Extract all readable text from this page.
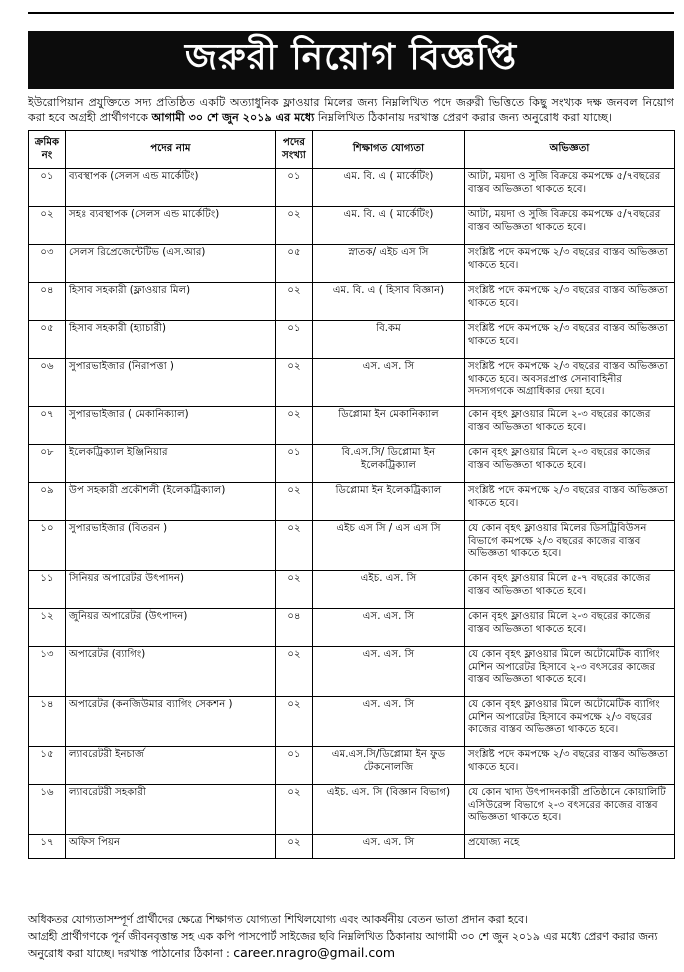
জরুরী নিয়োগ বিজ্ঞপ্তি
ইউরোপিয়ান প্রযুক্তিতে সদ্য প্রতিষ্ঠিত একটি অত্যাধুনিক ফ্লাওয়ার মিলের জন্য নিম্নলিখিত পদে জরুরী ভিত্তিতে কিছু সংখ্যক দক্ষ জনবল নিয়োগ করা হবে অগ্রহী প্রার্থীগণকে আগামী ৩০ শে জুন ২০১৯ এর মধ্যে নিম্নলিখিত ঠিকানায় দরখাস্ত প্রেরণ করার জন্য অনুরোধ করা যাচ্ছে।
ক্রমিক নং	পদের নাম	পদের সংখ্যা	শিক্ষাগত যোগ্যতা	অভিজ্ঞতা
০১	ব্যবস্থাপক (সেলস এন্ড মার্কেটিং)	০১	এম. বি. এ ( মার্কেটিং)	আটা, ময়দা ও সুজি বিক্রয়ে কমপক্ষে ৫/৭বছরের বাস্তব অভিজ্ঞতা থাকতে হবে।
০২	সহঃ ব্যবস্থাপক (সেলস এন্ড মার্কেটিং)	০২	এম. বি. এ ( মার্কেটিং)	আটা, ময়দা ও সুজি বিক্রয়ে কমপক্ষে ৫/৭বছরের বাস্তব অভিজ্ঞতা থাকতে হবে।
০৩	সেলস রিপ্রেজেন্টেটিভ (এস.আর)	০৫	স্নাতক/ এইচ এস সি	সংশ্লিষ্ট পদে কমপক্ষে ২/৩ বছরের বাস্তব অভিজ্ঞতা থাকতে হবে।
০৪	হিসাব সহকারী (ফ্লাওয়ার মিল)	০২	এম. বি. এ ( হিসাব বিজ্ঞান)	সংশ্লিষ্ট পদে কমপক্ষে ২/৩ বছরের বাস্তব অভিজ্ঞতা থাকতে হবে।
০৫	হিসাব সহকারী (হ্যাচারী)	০১	বি.কম	সংশ্লিষ্ট পদে কমপক্ষে ২/৩ বছরের বাস্তব অভিজ্ঞতা থাকতে হবে।
০৬	সুপারভাইজার (নিরাপত্তা )	০২	এস. এস. সি	সংশ্লিষ্ট পদে কমপক্ষে ২/৩ বছরের বাস্তব অভিজ্ঞতা থাকতে হবে। অবসরপ্রাপ্ত সেনাবাহিনীর সদস্যগণকে অগ্রাধিকার দেয়া হবে।
০৭	সুপারভাইজার ( মেকানিক্যাল)	০২	ডিপ্লোমা ইন মেকানিক্যাল	কোন বৃহৎ ফ্লাওয়ার মিলে ২-৩ বছরের কাজের বাস্তব অভিজ্ঞতা থাকতে হবে।
০৮	ইলেকট্রিক্যাল ইঞ্জিনিয়ার	০১	বি.এস.সি/ ডিপ্লোমা ইন ইলেকট্রিক্যাল	কোন বৃহৎ ফ্লাওয়ার মিলে ২-৩ বছরের কাজের বাস্তব অভিজ্ঞতা থাকতে হবে।
০৯	উপ সহকারী প্রকৌশলী (ইলেকট্রিক্যাল)	০২	ডিপ্লোমা ইন ইলেকট্রিক্যাল	সংশ্লিষ্ট পদে কমপক্ষে ২/৩ বছরের বাস্তব অভিজ্ঞতা থাকতে হবে।
১০	সুপারভাইজার (বিতরন )	০২	এইচ এস সি / এস এস সি	যে কোন বৃহৎ ফ্লাওয়ার মিলের ডিসট্রিবিউসন বিভাগে কমপক্ষে ২/৩ বছরের কাজের বাস্তব অভিজ্ঞতা থাকতে হবে।
১১	সিনিয়র অপারেটর উৎপাদন)	০২	এইচ. এস. সি	কোন বৃহৎ ফ্লাওয়ার মিলে ৫-৭ বছরের কাজের বাস্তব অভিজ্ঞতা থাকতে হবে।
১২	জুনিয়র অপারেটর (উৎপাদন)	০৪	এস. এস. সি	কোন বৃহৎ ফ্লাওয়ার মিলে ২-৩ বছরের কাজের বাস্তব অভিজ্ঞতা থাকতে হবে।
১৩	অপারেটর (ব্যাগিং)	০২	এস. এস. সি	যে কোন বৃহৎ ফ্লাওয়ার মিলে অটোমেটিক ব্যাগিং মেশিন অপারেটর হিসাবে ২-৩ বৎসরের কাজের বাস্তব অভিজ্ঞতা থাকতে হবে।
১৪	অপারেটর (কনজিউমার ব্যাগিং সেকশন )	০২	এস. এস. সি	যে কোন বৃহৎ ফ্লাওয়ার মিলে অটোমেটিক ব্যাগিং মেশিন অপারেটর হিসাবে কমপক্ষে ২/৩ বছরের কাজের বাস্তব অভিজ্ঞতা থাকতে হবে।
১৫	ল্যাবরেটরী ইনচার্জ	০১	এম.এস.সি/ডিপ্লোমা ইন ফুড টেকনোলজি	সংশ্লিষ্ট পদে কমপক্ষে ২/৩ বছরের বাস্তব অভিজ্ঞতা থাকতে হবে।
১৬	ল্যাবরেটরী সহকারী	০২	এইচ. এস. সি (বিজ্ঞান বিভাগ)	যে কোন খাদ্য উৎপাদনকারী প্রতিষ্ঠানে কোয়ালিটি এসিউরেন্স বিভাগে ২-৩ বৎসরের কাজের বাস্তব অভিজ্ঞতা থাকতে হবে।
১৭	অফিস পিয়ন	০২	এস. এস. সি	প্রযোজ্য নহে
অধিকতর যোগ্যতাসম্পূর্ণ প্রার্থীদের ক্ষেত্রে শিক্ষাগত যোগ্যতা শিথিলযোগ্য এবং আকর্ষনীয় বেতন ভাতা প্রদান করা হবে।
আগ্রহী প্রার্থীগণকে পূর্ন জীবনবৃত্তান্ত সহ এক কপি পাসপোর্ট সাইজের ছবি নিম্নলিখিত ঠিকানায় আগামী ৩০ শে জুন ২০১৯ এর মধ্যে প্রেরণ করার জন্য অনুরোধ করা যাচ্ছে। দরখাস্ত পাঠানোর ঠিকানা : career.nragro@gmail.com
